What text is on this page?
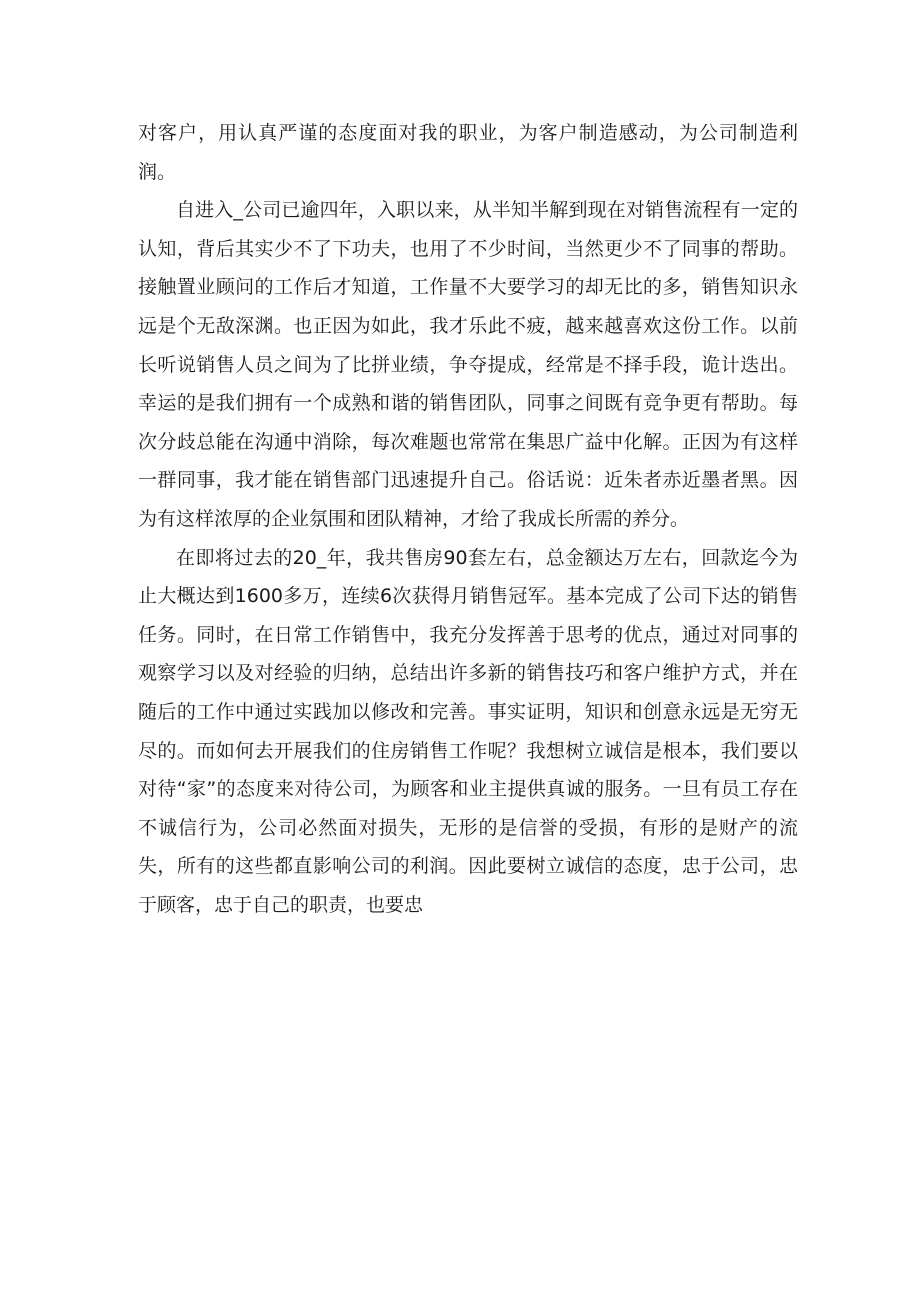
对客户，用认真严谨的态度面对我的职业，为客户制造感动，为公司制造利润。

自进入_公司已逾四年，入职以来，从半知半解到现在对销售流程有一定的认知，背后其实少不了下功夫，也用了不少时间，当然更少不了同事的帮助。接触置业顾问的工作后才知道，工作量不大要学习的却无比的多，销售知识永远是个无敌深渊。也正因为如此，我才乐此不疲，越来越喜欢这份工作。以前长听说销售人员之间为了比拼业绩，争夺提成，经常是不择手段，诡计迭出。幸运的是我们拥有一个成熟和谐的销售团队，同事之间既有竞争更有帮助。每次分歧总能在沟通中消除，每次难题也常常在集思广益中化解。正因为有这样一群同事，我才能在销售部门迅速提升自己。俗话说：近朱者赤近墨者黑。因为有这样浓厚的企业氛围和团队精神，才给了我成长所需的养分。

在即将过去的20_年，我共售房90套左右，总金额达万左右，回款迄今为止大概达到1600多万，连续6次获得月销售冠军。基本完成了公司下达的销售任务。同时，在日常工作销售中，我充分发挥善于思考的优点，通过对同事的观察学习以及对经验的归纳，总结出许多新的销售技巧和客户维护方式，并在随后的工作中通过实践加以修改和完善。事实证明，知识和创意永远是无穷无尽的。而如何去开展我们的住房销售工作呢？我想树立诚信是根本，我们要以对待“家”的态度来对待公司，为顾客和业主提供真诚的服务。一旦有员工存在不诚信行为，公司必然面对损失，无形的是信誉的受损，有形的是财产的流失，所有的这些都直影响公司的利润。因此要树立诚信的态度，忠于公司，忠于顾客，忠于自己的职责，也要忠
